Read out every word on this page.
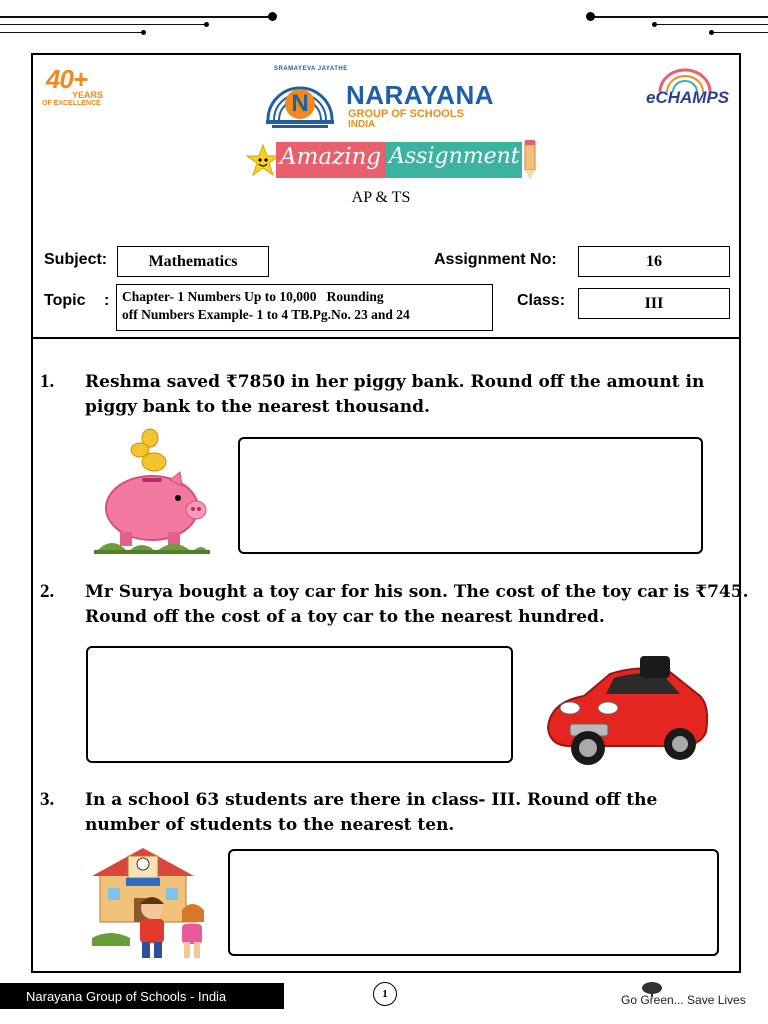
40+
YEARS
OF EXCELLENCE	N
SRAMAYEVA JAYATHE
NARAYANA
GROUP OF SCHOOLS
INDIA
eCHAMPS
Amazing Assignment
AP & TS
Subject:	Mathematics	Assignment No:	16
Topic : Chapter- 1 Numbers Up to 10,000   Rounding
off Numbers Example- 1 to 4 TB.Pg.No. 23 and 24
Class:	III
1. Reshma saved ₹7850 in her piggy bank. Round off the amount in piggy bank to the nearest thousand.
2. Mr Surya bought a toy car for his son. The cost of the toy car is ₹745. Round off the cost of a toy car to the nearest hundred.
3. In a school 63 students are there in class- III. Round off the number of students to the nearest ten.
Narayana Group of Schools - India	1	Go Green... Save Lives
